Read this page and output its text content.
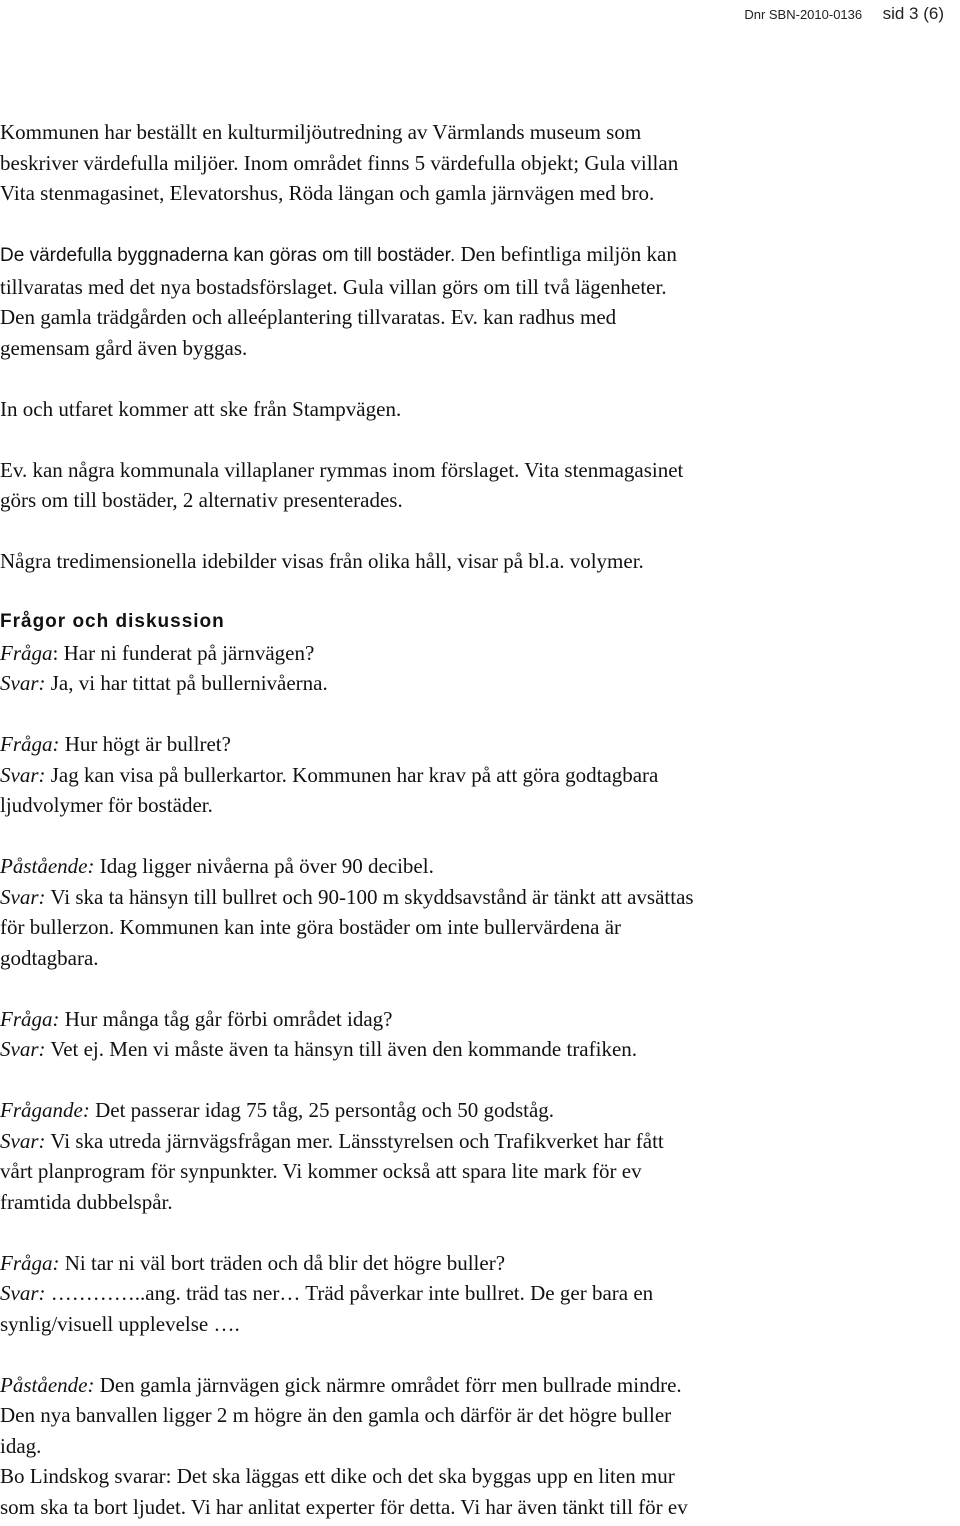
Dnr SBN-2010-0136 sid 3 (6)

Kommunen har beställt en kulturmiljöutredning av Värmlands museum som

beskriver värdefulla miljöer. Inom området finns 5 värdefulla objekt; Gula villan

Vita stenmagasinet, Elevatorshus, Röda längan och gamla järnvägen med bro.

De värdefulla byggnaderna kan göras om till bostäder. Den befintliga miljön kan

tillvaratas med det nya bostadsförslaget. Gula villan görs om till två lägenheter.

Den gamla trädgården och alleéplantering tillvaratas. Ev. kan radhus med

gemensam gård även byggas.

In och utfaret kommer att ske från Stampvägen.

Ev. kan några kommunala villaplaner rymmas inom förslaget. Vita stenmagasinet

görs om till bostäder, 2 alternativ presenterades.

Några tredimensionella idebilder visas från olika håll, visar på bl.a. volymer.

Frågor och diskussion

Fråga: Har ni funderat på järnvägen?

Svar: Ja, vi har tittat på bullernivåerna.

Fråga: Hur högt är bullret?

Svar: Jag kan visa på bullerkartor. Kommunen har krav på att göra godtagbara

ljudvolymer för bostäder.

Påstående: Idag ligger nivåerna på över 90 decibel.

Svar: Vi ska ta hänsyn till bullret och 90-100 m skyddsavstånd är tänkt att avsättas

för bullerzon. Kommunen kan inte göra bostäder om inte bullervärdena är

godtagbara.

Fråga: Hur många tåg går förbi området idag?

Svar: Vet ej. Men vi måste även ta hänsyn till även den kommande trafiken.

Frågande: Det passerar idag 75 tåg, 25 persontåg och 50 godståg.

Svar: Vi ska utreda järnvägsfrågan mer. Länsstyrelsen och Trafikverket har fått

vårt planprogram för synpunkter. Vi kommer också att spara lite mark för ev

framtida dubbelspår.

Fråga: Ni tar ni väl bort träden och då blir det högre buller?

Svar: …………..ang. träd tas ner… Träd påverkar inte bullret. De ger bara en

synlig/visuell upplevelse ….

Påstående: Den gamla järnvägen gick närmre området förr men bullrade mindre.

Den nya banvallen ligger 2 m högre än den gamla och därför är det högre buller

idag.

Bo Lindskog svarar: Det ska läggas ett dike och det ska byggas upp en liten mur

som ska ta bort ljudet. Vi har anlitat experter för detta. Vi har även tänkt till för ev
